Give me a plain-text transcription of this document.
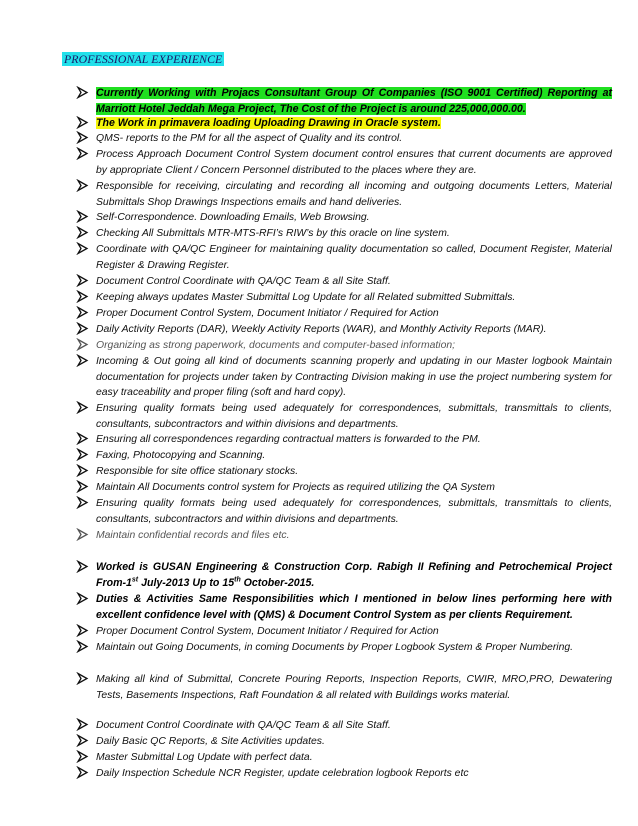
PROFESSIONAL EXPERIENCE

Currently Working with Projacs Consultant Group Of Companies (ISO 9001 Certified) Reporting at Marriott Hotel Jeddah Mega Project, The Cost of the Project is around 225,000,000.00.

The Work in primavera loading Uploading Drawing in Oracle system.

QMS- reports to the PM for all the aspect of Quality and its control.

Process Approach Document Control System document control ensures that current documents are approved by appropriate Client / Concern Personnel distributed to the places where they are.

Responsible for receiving, circulating and recording all incoming and outgoing documents Letters, Material Submittals Shop Drawings Inspections emails and hand deliveries.

Self-Correspondence. Downloading Emails, Web Browsing.

Checking All Submittals MTR-MTS-RFI’s RIW’s by this oracle on line system.

Coordinate with QA/QC Engineer for maintaining quality documentation so called, Document Register, Material Register & Drawing Register.

Document Control Coordinate with QA/QC Team & all Site Staff.

Keeping always updates Master Submittal Log Update for all Related submitted Submittals.

Proper Document Control System, Document Initiator / Required for Action

Daily Activity Reports (DAR), Weekly Activity Reports (WAR), and Monthly Activity Reports (MAR).

Organizing as strong paperwork, documents and computer-based information;

Incoming & Out going all kind of documents scanning properly and updating in our Master logbook Maintain documentation for projects under taken by Contracting Division making in use the project numbering system for easy traceability and proper filing (soft and hard copy).

Ensuring quality formats being used adequately for correspondences, submittals, transmittals to clients, consultants, subcontractors and within divisions and departments.

Ensuring all correspondences regarding contractual matters is forwarded to the PM.

Faxing, Photocopying and Scanning.

Responsible for site office stationary stocks.

Maintain All Documents control system for Projects as required utilizing the QA System

Ensuring quality formats being used adequately for correspondences, submittals, transmittals to clients, consultants, subcontractors and within divisions and departments.

Maintain confidential records and files etc.

Worked is GUSAN Engineering & Construction Corp. Rabigh II Refining and Petrochemical Project From-1st July-2013 Up to 15th October-2015.

Duties & Activities Same Responsibilities which I mentioned in below lines performing here with excellent confidence level with (QMS) & Document Control System as per clients Requirement.

Proper Document Control System, Document Initiator / Required for Action

Maintain out Going Documents, in coming Documents by Proper Logbook System & Proper Numbering.

Making all kind of Submittal, Concrete Pouring Reports, Inspection Reports, CWIR, MRO,PRO, Dewatering Tests, Basements Inspections, Raft Foundation & all related with Buildings works material.

Document Control Coordinate with QA/QC Team & all Site Staff.

Daily Basic QC Reports, & Site Activities updates.

Master Submittal Log Update with perfect data.

Daily Inspection Schedule NCR Register, update celebration logbook Reports etc
